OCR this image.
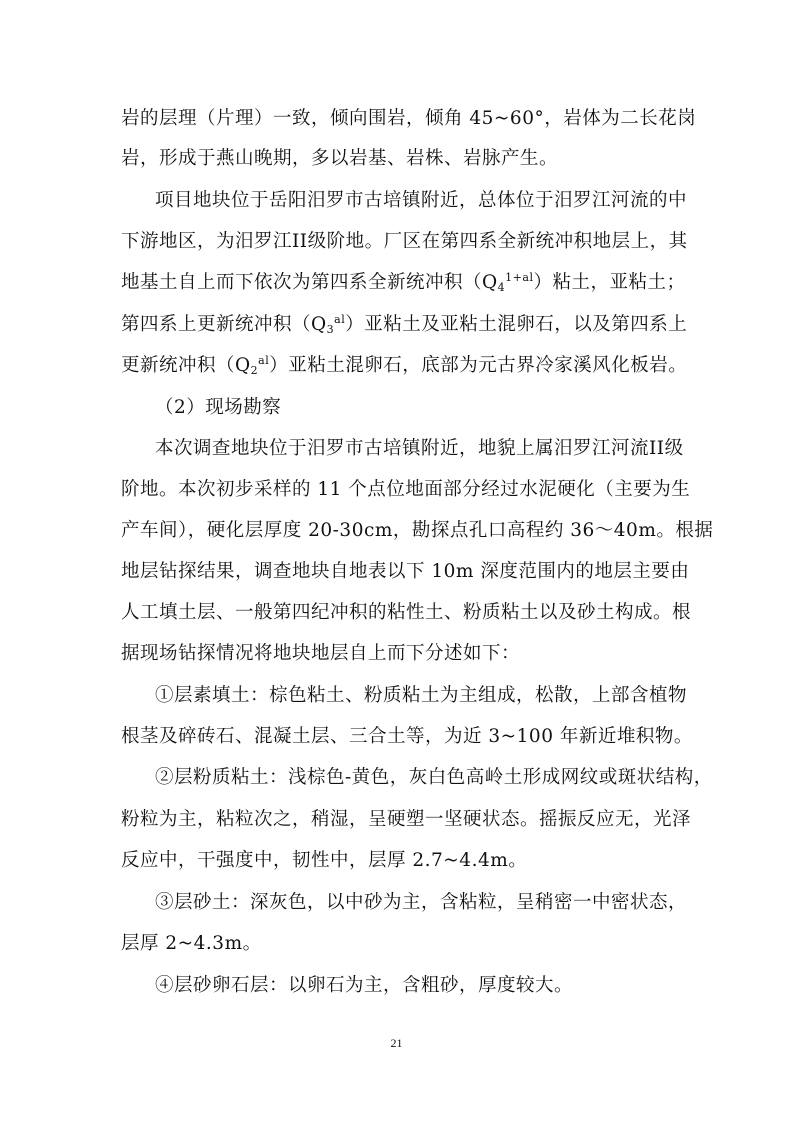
岩的层理（片理）一致，倾向围岩，倾角 45~60°，岩体为二长花岗
岩，形成于燕山晚期，多以岩基、岩株、岩脉产生。
项目地块位于岳阳汨罗市古培镇附近，总体位于汨罗江河流的中
下游地区，为汨罗江II级阶地。厂区在第四系全新统冲积地层上，其
地基土自上而下依次为第四系全新统冲积$(Q_4^{1+al})$粘土，亚粘土；
第四系上更新统冲积$(Q_3^{al})$亚粘土及亚粘土混卵石，以及第四系上
更新统冲积$(Q_2^{al})$亚粘土混卵石，底部为元古界冷家溪风化板岩。
（2）现场勘察
本次调查地块位于汨罗市古培镇附近，地貌上属汨罗江河流II级
阶地。本次初步采样的 11 个点位地面部分经过水泥硬化（主要为生
产车间），硬化层厚度 20-30cm，勘探点孔口高程约 36～40m。根据
地层钻探结果，调查地块自地表以下 10m 深度范围内的地层主要由
人工填土层、一般第四纪冲积的粘性土、粉质粘土以及砂土构成。根
据现场钻探情况将地块地层自上而下分述如下：
①层素填土：棕色粘土、粉质粘土为主组成，松散，上部含植物
根茎及碎砖石、混凝土层、三合土等，为近 3~100 年新近堆积物。
②层粉质粘土：浅棕色-黄色，灰白色高岭土形成网纹或斑状结构，
粉粒为主，粘粒次之，稍湿，呈硬塑一坚硬状态。摇振反应无，光泽
反应中，干强度中，韧性中，层厚 2.7~4.4m。
③层砂土：深灰色，以中砂为主，含粘粒，呈稍密一中密状态，
层厚 2~4.3m。
④层砂卵石层：以卵石为主，含粗砂，厚度较大。
21
